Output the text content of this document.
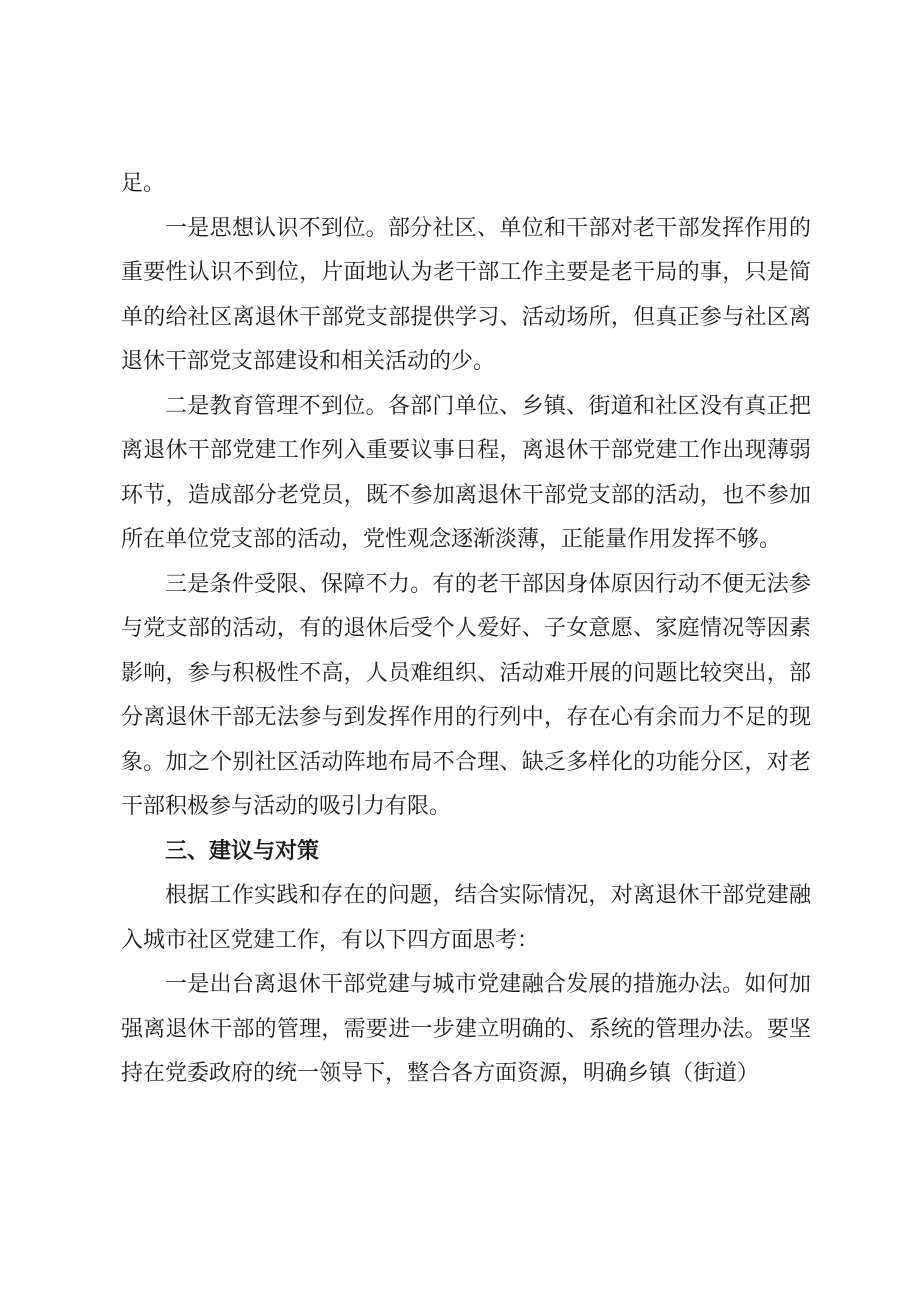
足。

一是思想认识不到位。部分社区、单位和干部对老干部发挥作用的重要性认识不到位，片面地认为老干部工作主要是老干局的事，只是简单的给社区离退休干部党支部提供学习、活动场所，但真正参与社区离退休干部党支部建设和相关活动的少。

二是教育管理不到位。各部门单位、乡镇、街道和社区没有真正把离退休干部党建工作列入重要议事日程，离退休干部党建工作出现薄弱环节，造成部分老党员，既不参加离退休干部党支部的活动，也不参加所在单位党支部的活动，党性观念逐渐淡薄，正能量作用发挥不够。

三是条件受限、保障不力。有的老干部因身体原因行动不便无法参与党支部的活动，有的退休后受个人爱好、子女意愿、家庭情况等因素影响，参与积极性不高，人员难组织、活动难开展的问题比较突出，部分离退休干部无法参与到发挥作用的行列中，存在心有余而力不足的现象。加之个别社区活动阵地布局不合理、缺乏多样化的功能分区，对老干部积极参与活动的吸引力有限。

三、建议与对策

根据工作实践和存在的问题，结合实际情况，对离退休干部党建融入城市社区党建工作，有以下四方面思考：

一是出台离退休干部党建与城市党建融合发展的措施办法。如何加强离退休干部的管理，需要进一步建立明确的、系统的管理办法。要坚持在党委政府的统一领导下，整合各方面资源，明确乡镇（街道）
